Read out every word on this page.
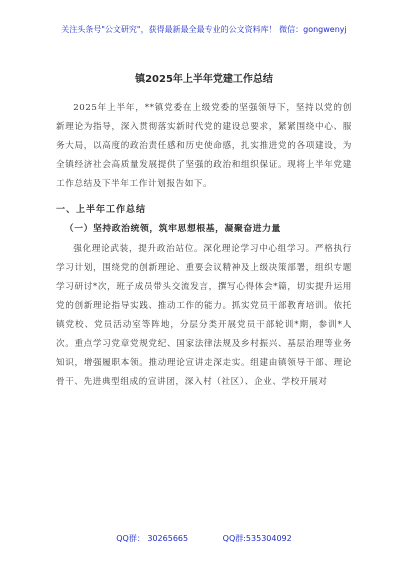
关注头条号"公文研究"，获得最新最全最专业的公文资料库！ 微信：gongwenyj
镇2025年上半年党建工作总结

2025年上半年，**镇党委在上级党委的坚强领导下，坚持以党的创新理论为指导，深入贯彻落实新时代党的建设总要求，紧紧围绕中心、服务大局，以高度的政治责任感和历史使命感，扎实推进党的各项建设，为全镇经济社会高质量发展提供了坚强的政治和组织保证。现将上半年党建工作总结及下半年工作计划报告如下。

一、上半年工作总结
（一）坚持政治统领，筑牢思想根基，凝聚奋进力量

强化理论武装，提升政治站位。深化理论学习中心组学习。严格执行学习计划，围绕党的创新理论、重要会议精神及上级决策部署，组织专题学习研讨*次，班子成员带头交流发言，撰写心得体会*篇，切实提升运用党的创新理论指导实践、推动工作的能力。抓实党员干部教育培训。依托镇党校、党员活动室等阵地，分层分类开展党员干部轮训*期，参训*人次。重点学习党章党规党纪、国家法律法规及乡村振兴、基层治理等业务知识，增强履职本领。推动理论宣讲走深走实。组建由镇领导干部、理论骨干、先进典型组成的宣讲团，深入村（社区）、企业、学校开展对

QQ群： 30265665	QQ群:535304092
